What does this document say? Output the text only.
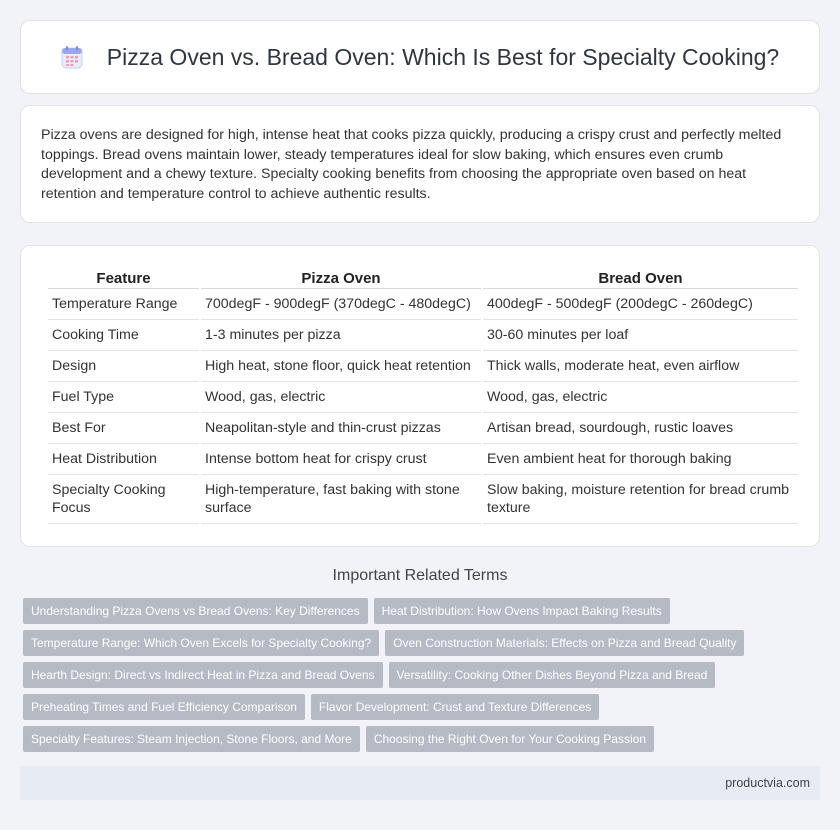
Pizza Oven vs. Bread Oven: Which Is Best for Specialty Cooking?

Pizza ovens are designed for high, intense heat that cooks pizza quickly, producing a crispy crust and perfectly melted toppings. Bread ovens maintain lower, steady temperatures ideal for slow baking, which ensures even crumb development and a chewy texture. Specialty cooking benefits from choosing the appropriate oven based on heat retention and temperature control to achieve authentic results.

Feature	Pizza Oven	Bread Oven
Temperature Range	700degF - 900degF (370degC - 480degC)	400degF - 500degF (200degC - 260degC)
Cooking Time	1-3 minutes per pizza	30-60 minutes per loaf
Design	High heat, stone floor, quick heat retention	Thick walls, moderate heat, even airflow
Fuel Type	Wood, gas, electric	Wood, gas, electric
Best For	Neapolitan-style and thin-crust pizzas	Artisan bread, sourdough, rustic loaves
Heat Distribution	Intense bottom heat for crispy crust	Even ambient heat for thorough baking
Specialty Cooking Focus	High-temperature, fast baking with stone surface	Slow baking, moisture retention for bread crumb texture
Important Related Terms
Understanding Pizza Ovens vs Bread Ovens: Key Differences	Heat Distribution: How Ovens Impact Baking Results
Temperature Range: Which Oven Excels for Specialty Cooking?	Oven Construction Materials: Effects on Pizza and Bread Quality
Hearth Design: Direct vs Indirect Heat in Pizza and Bread Ovens	Versatility: Cooking Other Dishes Beyond Pizza and Bread
Preheating Times and Fuel Efficiency Comparison	Flavor Development: Crust and Texture Differences
Specialty Features: Steam Injection, Stone Floors, and More	Choosing the Right Oven for Your Cooking Passion
productvia.com
